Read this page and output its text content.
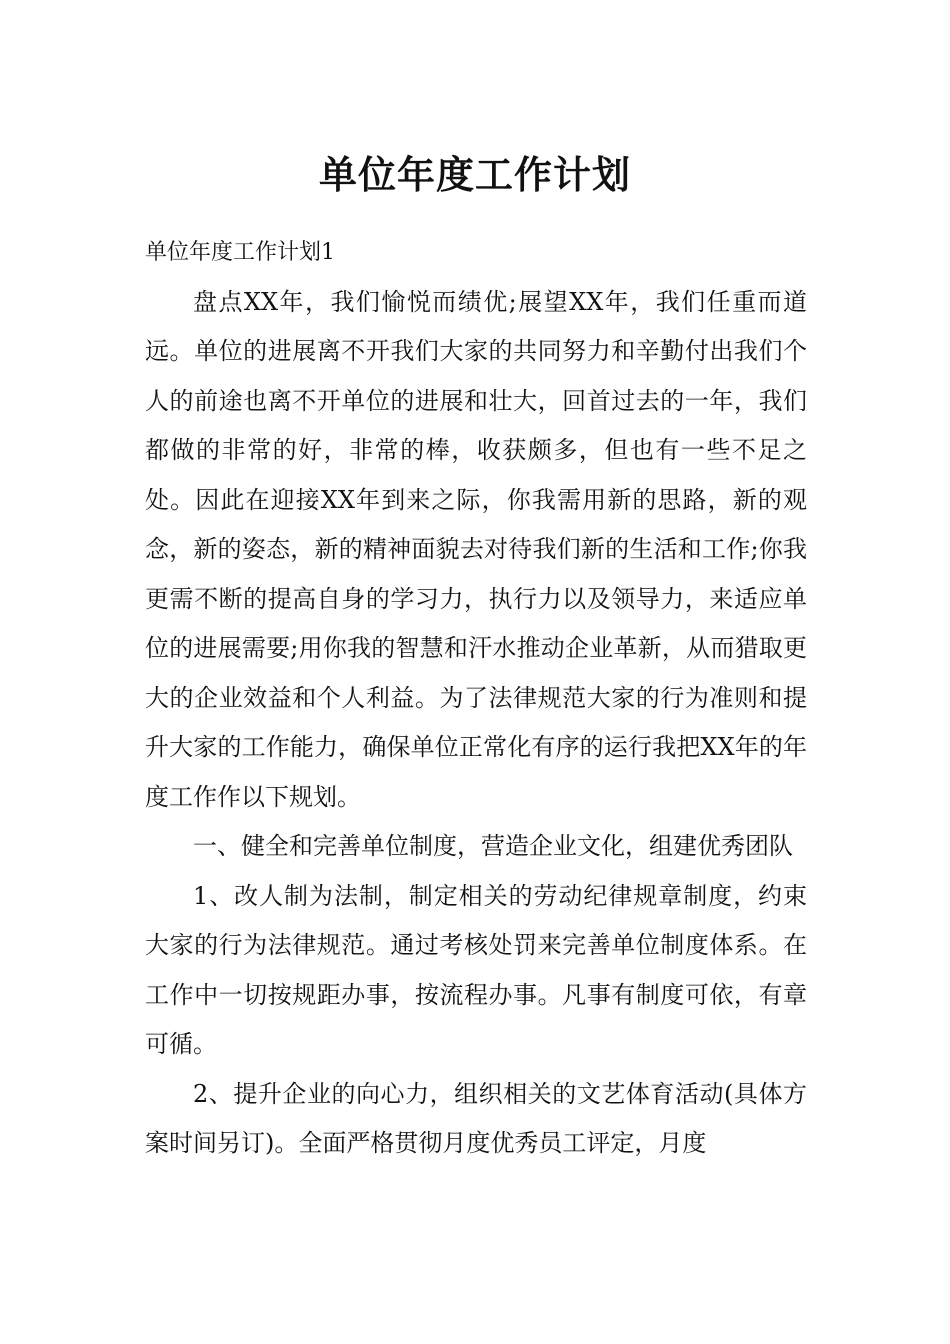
单位年度工作计划

单位年度工作计划1

盘点XX年，我们愉悦而绩优;展望XX年，我们任重而道远。单位的进展离不开我们大家的共同努力和辛勤付出我们个人的前途也离不开单位的进展和壮大，回首过去的一年，我们都做的非常的好，非常的棒，收获颇多，但也有一些不足之处。因此在迎接XX年到来之际，你我需用新的思路，新的观念，新的姿态，新的精神面貌去对待我们新的生活和工作;你我更需不断的提高自身的学习力，执行力以及领导力，来适应单位的进展需要;用你我的智慧和汗水推动企业革新，从而猎取更大的企业效益和个人利益。为了法律规范大家的行为准则和提升大家的工作能力，确保单位正常化有序的运行我把XX年的年度工作作以下规划。

一、健全和完善单位制度，营造企业文化，组建优秀团队

1、改人制为法制，制定相关的劳动纪律规章制度，约束大家的行为法律规范。通过考核处罚来完善单位制度体系。在工作中一切按规距办事，按流程办事。凡事有制度可依，有章可循。

2、提升企业的向心力，组织相关的文艺体育活动(具体方案时间另订)。全面严格贯彻月度优秀员工评定，月度
